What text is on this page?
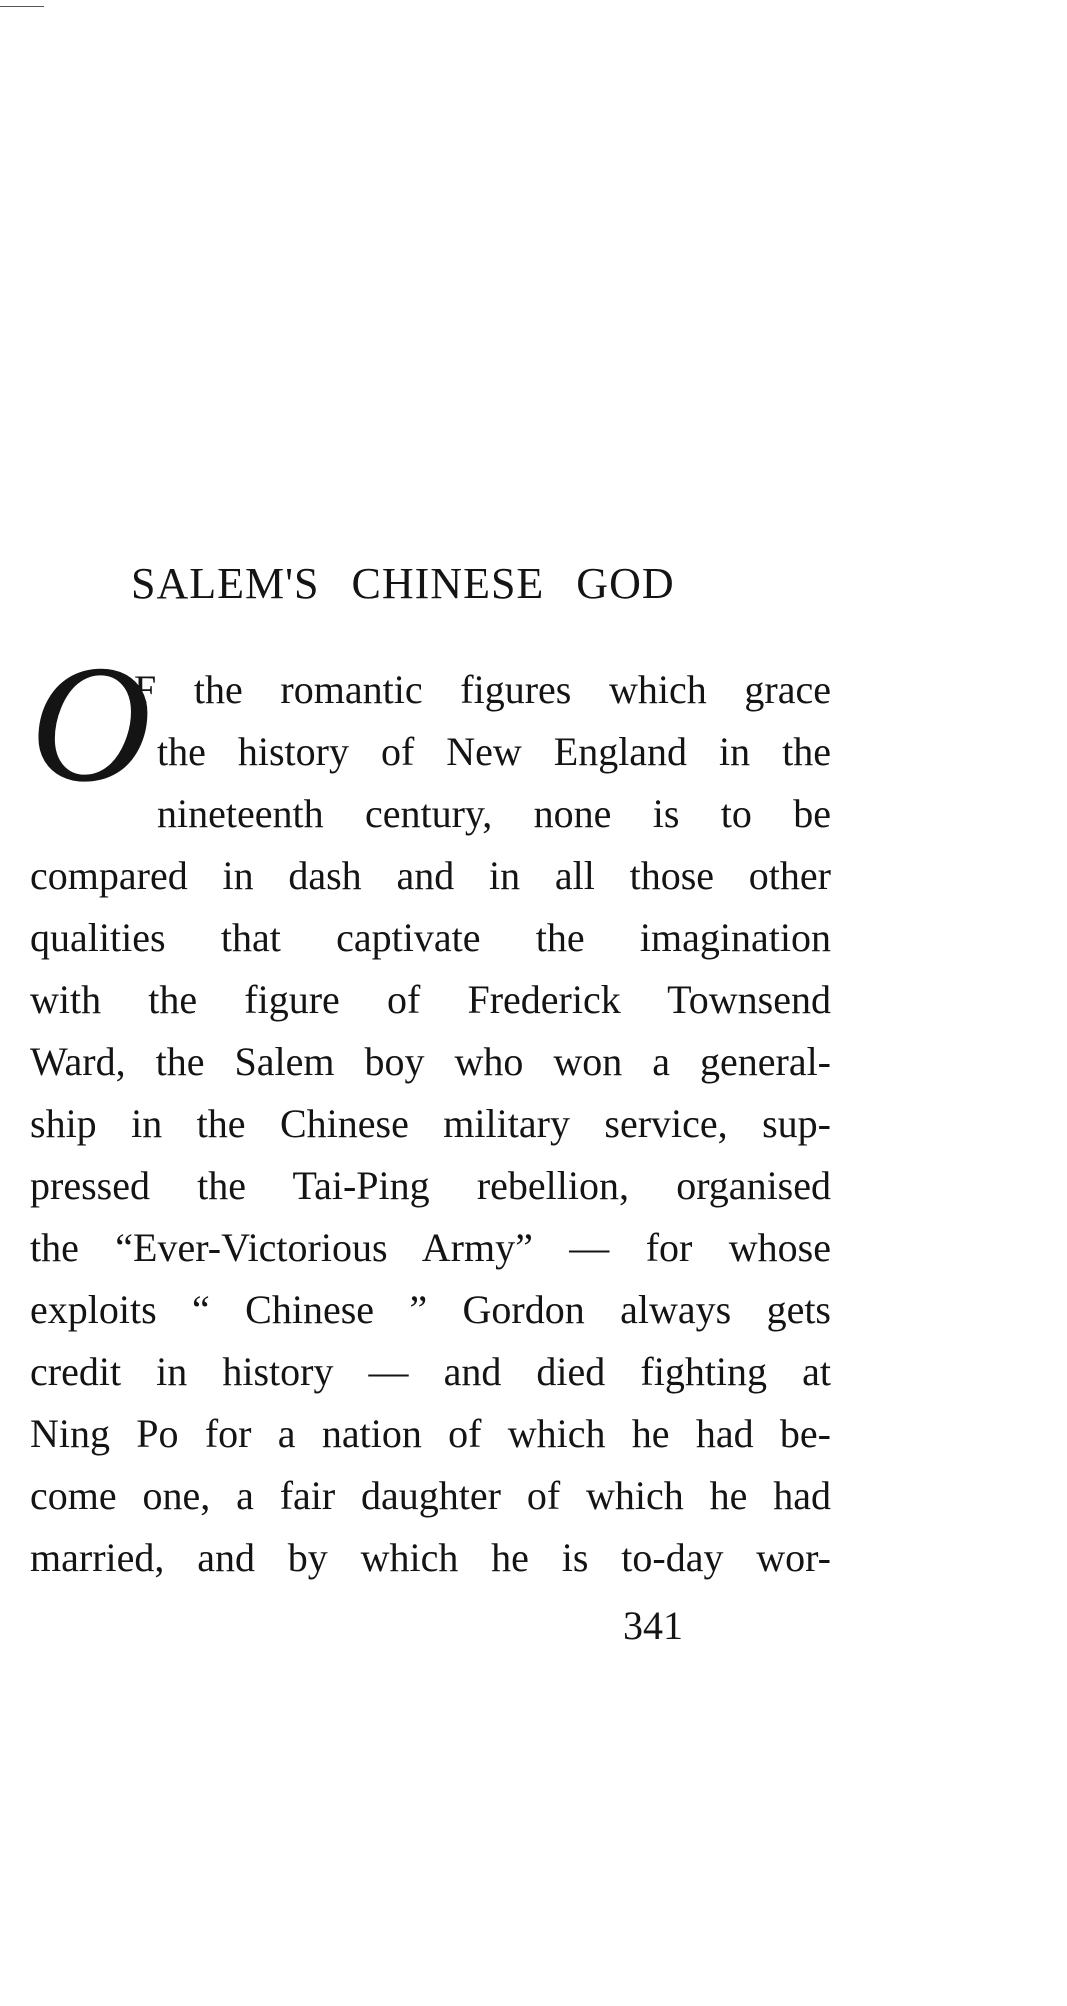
SALEM'S CHINESE GOD
O
F the romantic figures which grace
the history of New England in the
nineteenth century, none is to be
compared in dash and in all those other
qualities that captivate the imagination
with the figure of Frederick Townsend
Ward, the Salem boy who won a general-
ship in the Chinese military service, sup-
pressed the Tai-Ping rebellion, organised
the “Ever-Victorious Army” — for whose
exploits “ Chinese ” Gordon always gets
credit in history — and died fighting at
Ning Po for a nation of which he had be-
come one, a fair daughter of which he had
married, and by which he is to-day wor-
341
